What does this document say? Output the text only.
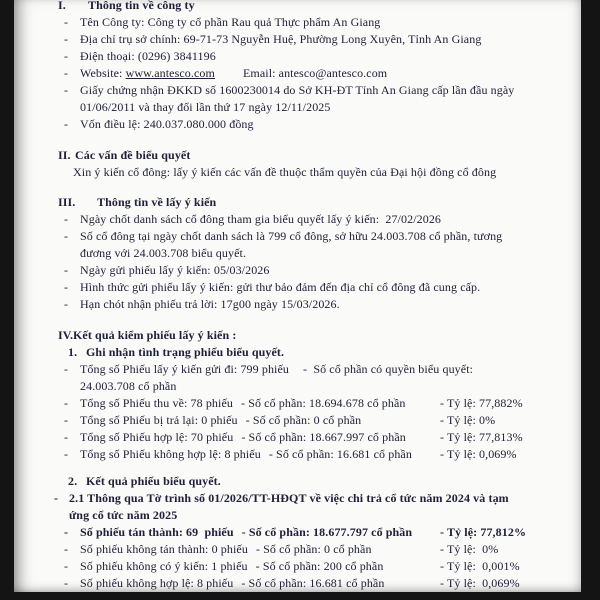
I.	Thông tin về công ty
- Tên Công ty: Công ty cổ phần Rau quả Thực phẩm An Giang
- Địa chỉ trụ sở chính: 69-71-73 Nguyễn Huệ, Phường Long Xuyên, Tỉnh An Giang
- Điện thoại: (0296) 3841196
- Website: www.antesco.com Email: antesco@antesco.com
- Giấy chứng nhận ĐKKD số 1600230014 do Sở KH-ĐT Tỉnh An Giang cấp lần đầu ngày 01/06/2011 và thay đổi lần thứ 17 ngày 12/11/2025
- Vốn điều lệ: 240.037.080.000 đồng
II. Các vấn đề biểu quyết
Xin ý kiến cổ đông: lấy ý kiến các vấn đề thuộc thẩm quyền của Đại hội đồng cổ đông
III.	Thông tin về lấy ý kiến
- Ngày chốt danh sách cổ đông tham gia biểu quyết lấy ý kiến:  27/02/2026
- Số cổ đông tại ngày chốt danh sách là 799 cổ đông, sở hữu 24.003.708 cổ phần, tương đương với 24.003.708 biểu quyết.
- Ngày gửi phiếu lấy ý kiến: 05/03/2026
- Hình thức gửi phiếu lấy ý kiến: gửi thư bảo đảm đến địa chỉ cổ đông đã cung cấp.
- Hạn chót nhận phiếu trả lời: 17g00 ngày 15/03/2026.
IV. Kết quả kiểm phiếu lấy ý kiến :
1. Ghi nhận tình trạng phiếu biểu quyết.
- Tổng số Phiếu lấy ý kiến gửi đi: 799 phiếu -  Số cổ phần có quyền biểu quyết: 24.003.708 cổ phần
- Tổng số Phiếu thu về: 78 phiếu - Số cổ phần: 18.694.678 cổ phần	- Tỷ lệ: 77,882%
- Tổng số Phiếu bị trả lại: 0 phiếu - Số cổ phần: 0 cổ phần	- Tỷ lệ: 0%
- Tổng số Phiếu hợp lệ: 70 phiếu - Số cổ phần: 18.667.997 cổ phần	- Tỷ lệ: 77,813%
- Tổng số Phiếu không hợp lệ: 8 phiếu - Số cổ phần: 16.681 cổ phần - Tỷ lệ: 0,069%
2. Kết quả phiếu biểu quyết.
- 2.1 Thông qua Tờ trình số 01/2026/TT-HĐQT về việc chi trả cổ tức năm 2024 và tạm ứng cổ tức năm 2025
- Số phiếu tán thành: 69  phiếu - Số cổ phần: 18.677.797 cổ phần - Tỷ lệ: 77,812%
- Số phiếu không tán thành: 0 phiếu - Số cổ phần: 0 cổ phần	- Tỷ lệ:  0%
- Số phiếu không có ý kiến: 1 phiếu - Số cổ phần: 200 cổ phần	- Tỷ lệ:  0,001%
- Số phiếu không hợp lệ: 8 phiếu - Số cổ phần: 16.681 cổ phần	- Tỷ lệ:  0,069%
